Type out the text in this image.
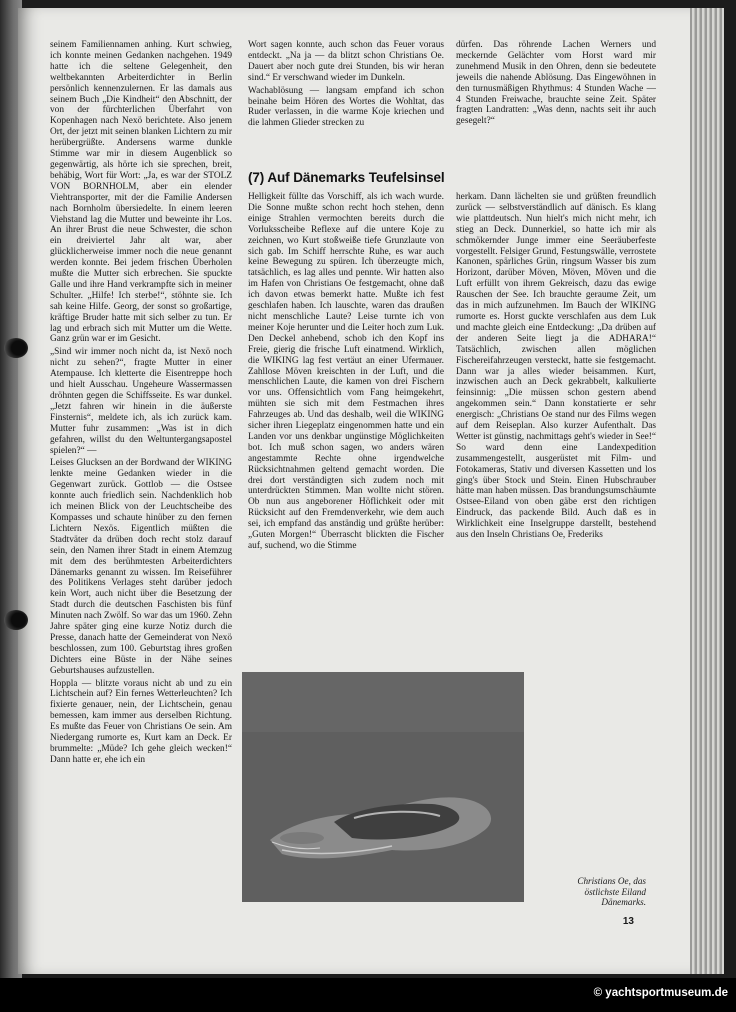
seinem Familiennamen anhing. Kurt schwieg, ich konnte meinen Gedanken nachgehen. 1949 hatte ich die seltene Gelegenheit, den weltbekannten Arbeiterdichter in Berlin persönlich kennenzulernen. Er las damals aus seinem Buch „Die Kindheit“ den Abschnitt, der von der fürchterlichen Überfahrt von Kopenhagen nach Nexö berichtete. Also jenem Ort, der jetzt mit seinen blanken Lichtern zu mir herübergrüßte. Andersens warme dunkle Stimme war mir in diesem Augenblick so gegenwärtig, als hörte ich sie sprechen, breit, behäbig, Wort für Wort: „Ja, es war der STOLZ VON BORNHOLM, aber ein elender Viehtransporter, mit der die Familie Andersen nach Bornholm übersiedelte. In einem leeren Viehstand lag die Mutter und beweinte ihr Los. An ihrer Brust die neue Schwester, die schon ein dreiviertel Jahr alt war, aber glücklicherweise immer noch die neue genannt werden konnte. Bei jedem frischen Überholen mußte die Mutter sich erbrechen. Sie spuckte Galle und ihre Hand verkrampfte sich in meiner Schulter. „Hilfe! Ich sterbe!“, stöhnte sie. Ich sah keine Hilfe. Georg, der sonst so großartige, kräftige Bruder hatte mit sich selber zu tun. Er lag und erbrach sich mit Mutter um die Wette. Ganz grün war er im Gesicht.

„Sind wir immer noch nicht da, ist Nexö noch nicht zu sehen?“, fragte Mutter in einer Atempause. Ich kletterte die Eisentreppe hoch und hielt Ausschau. Ungeheure Wassermassen dröhnten gegen die Schiffsseite. Es war dunkel. „Jetzt fahren wir hinein in die äußerste Finsternis“, meldete ich, als ich zurück kam. Mutter fuhr zusammen: „Was ist in dich gefahren, willst du den Weltuntergangsapostel spielen?“ —

Leises Glucksen an der Bordwand der WIKING lenkte meine Gedanken wieder in die Gegenwart zurück. Gottlob — die Ostsee konnte auch friedlich sein. Nachdenklich hob ich meinen Blick von der Leuchtscheibe des Kompasses und schaute hinüber zu den fernen Lichtern Nexös. Eigentlich müßten die Stadtväter da drüben doch recht stolz darauf sein, den Namen ihrer Stadt in einem Atemzug mit dem des berühmtesten Arbeiterdichters Dänemarks genannt zu wissen. Im Reiseführer des Politikens Verlages steht darüber jedoch kein Wort, auch nicht über die Besetzung der Stadt durch die deutschen Faschisten bis fünf Minuten nach Zwölf. So war das um 1960. Zehn Jahre später ging eine kurze Notiz durch die Presse, danach hatte der Gemeinderat von Nexö beschlossen, zum 100. Geburtstag ihres großen Dichters eine Büste in der Nähe seines Geburtshauses aufzustellen.

Hoppla — blitzte voraus nicht ab und zu ein Lichtschein auf? Ein fernes Wetterleuchten? Ich fixierte genauer, nein, der Lichtschein, genau bemessen, kam immer aus derselben Richtung. Es mußte das Feuer von Christians Oe sein. Am Niedergang rumorte es, Kurt kam an Deck. Er brummelte: „Müde? Ich gehe gleich wecken!“ Dann hatte er, ehe ich ein

Wort sagen konnte, auch schon das Feuer voraus entdeckt. „Na ja — da blitzt schon Christians Oe. Dauert aber noch gute drei Stunden, bis wir heran sind.“ Er verschwand wieder im Dunkeln.

Wachablösung — langsam empfand ich schon beinahe beim Hören des Wortes die Wohltat, das Ruder verlassen, in die warme Koje kriechen und die lahmen Glieder strecken zu

dürfen. Das röhrende Lachen Werners und meckernde Gelächter vom Horst ward mir zunehmend Musik in den Ohren, denn sie bedeutete jeweils die nahende Ablösung. Das Eingewöhnen in den turnusmäßigen Rhythmus: 4 Stunden Wache — 4 Stunden Freiwache, brauchte seine Zeit. Später fragten Landratten: „Was denn, nachts seit ihr auch gesegelt?“

(7) Auf Dänemarks Teufelsinsel

Helligkeit füllte das Vorschiff, als ich wach wurde. Die Sonne mußte schon recht hoch stehen, denn einige Strahlen vermochten bereits durch die Vorluksscheibe Reflexe auf die untere Koje zu zeichnen, wo Kurt stoßweiße tiefe Grunzlaute von sich gab. Im Schiff herrschte Ruhe, es war auch keine Bewegung zu spüren. Ich überzeugte mich, tatsächlich, es lag alles und pennte. Wir hatten also im Hafen von Christians Oe festgemacht, ohne daß ich davon etwas bemerkt hatte. Mußte ich fest geschlafen haben. Ich lauschte, waren das draußen nicht menschliche Laute? Leise turnte ich von meiner Koje herunter und die Leiter hoch zum Luk. Den Deckel anhebend, schob ich den Kopf ins Freie, gierig die frische Luft einatmend. Wirklich, die WIKING lag fest vertäut an einer Ufermauer. Zahllose Möven kreischten in der Luft, und die menschlichen Laute, die kamen von drei Fischern vor uns. Offensichtlich vom Fang heimgekehrt, mühten sie sich mit dem Festmachen ihres Fahrzeuges ab. Und das deshalb, weil die WIKING sicher ihren Liegeplatz eingenommen hatte und ein Landen vor uns denkbar ungünstige Möglichkeiten bot. Ich muß schon sagen, wo anders wären angestammte Rechte ohne irgendwelche Rücksichtnahmen geltend gemacht worden. Die drei dort verständigten sich zudem noch mit unterdrückten Stimmen. Man wollte nicht stören. Ob nun aus angeborener Höflichkeit oder mit Rücksicht auf den Fremdenverkehr, wie dem auch sei, ich empfand das anständig und grüßte herüber: „Guten Morgen!“ Überrascht blickten die Fischer auf, suchend, wo die Stimme

herkam. Dann lächelten sie und grüßten freundlich zurück — selbstverständlich auf dänisch. Es klang wie plattdeutsch. Nun hielt's mich nicht mehr, ich stieg an Deck. Dunnerkiel, so hatte ich mir als schmökernder Junge immer eine Seeräuberfeste vorgestellt. Felsiger Grund, Festungswälle, verrostete Kanonen, spärliches Grün, ringsum Wasser bis zum Horizont, darüber Möven, Möven, Möven und die Luft erfüllt von ihrem Gekreisch, dazu das ewige Rauschen der See. Ich brauchte geraume Zeit, um das in mich aufzunehmen. Im Bauch der WIKING rumorte es. Horst guckte verschlafen aus dem Luk und machte gleich eine Entdeckung: „Da drüben auf der anderen Seite liegt ja die ADHARA!“ Tatsächlich, zwischen allen möglichen Fischereifahrzeugen versteckt, hatte sie festgemacht. Dann war ja alles wieder beisammen. Kurt, inzwischen auch an Deck gekrabbelt, kalkulierte feinsinnig: „Die müssen schon gestern abend angekommen sein.“ Dann konstatierte er sehr energisch: „Christians Oe stand nur des Films wegen auf dem Reiseplan. Also kurzer Aufenthalt. Das Wetter ist günstig, nachmittags geht's wieder in See!“ So ward denn eine Landexpedition zusammengestellt, ausgerüstet mit Film- und Fotokameras, Stativ und diversen Kassetten und los ging's über Stock und Stein. Einen Hubschrauber hätte man haben müssen. Das brandungsumschäumte Ostsee-Eiland von oben gäbe erst den richtigen Eindruck, das packende Bild. Auch daß es in Wirklichkeit eine Inselgruppe darstellt, bestehend aus den Inseln Christians Oe, Frederiks

Christians Oe, das
östlichste Eiland
Dänemarks.
13
© yachtsportmuseum.de
